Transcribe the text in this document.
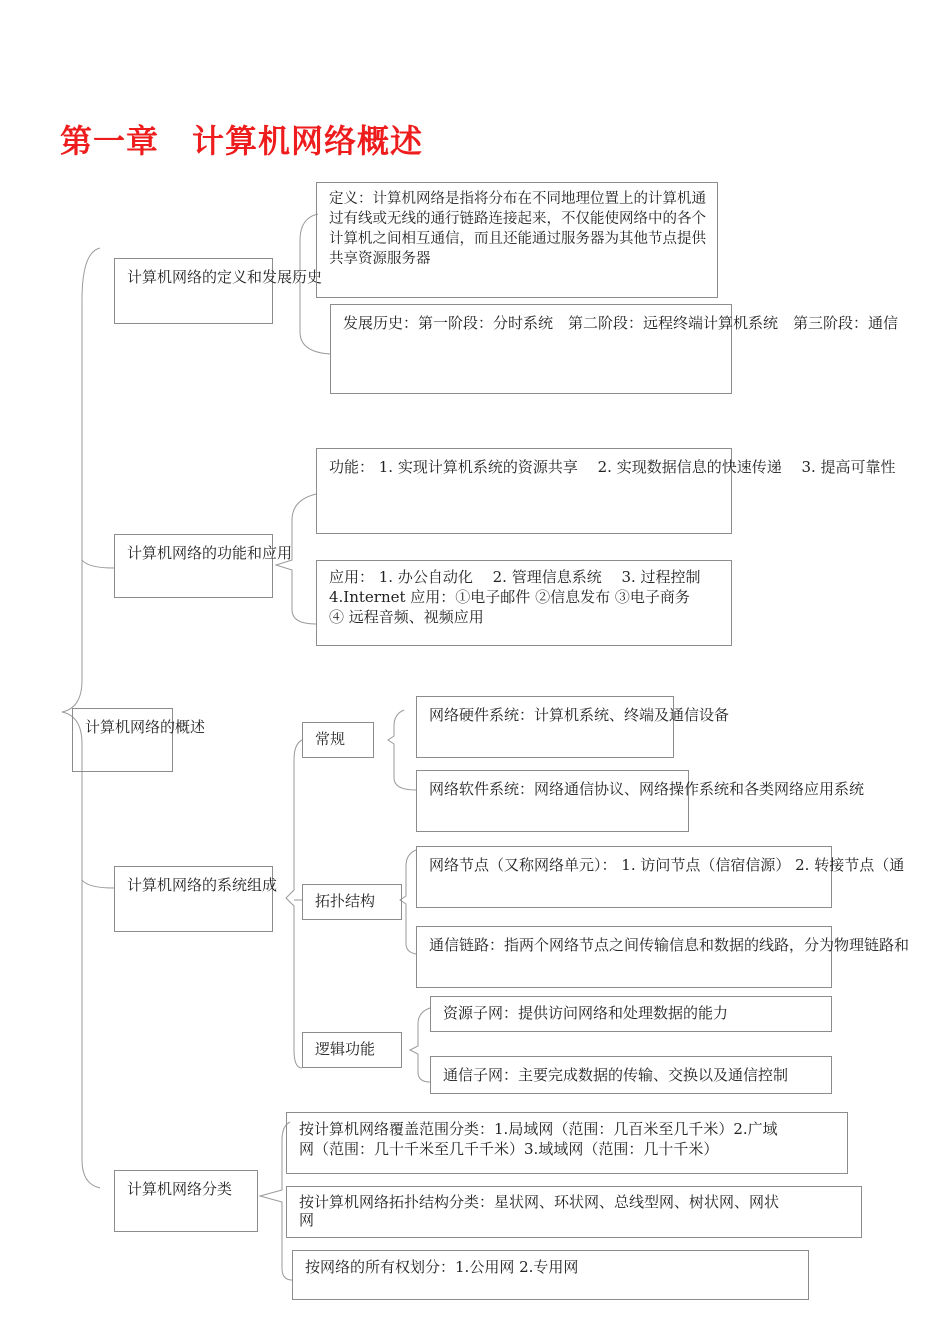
第一章　计算机网络概述
计算机网络的概述
计算机网络的定义和发展历史
定义：计算机网络是指将分布在不同地理位置上的计算机通过有线或无线的通行链路连接起来，不仅能使网络中的各个计算机之间相互通信，而且还能通过服务器为其他节点提供共享资源服务器
发展历史：第一阶段：分时系统　第二阶段：远程终端计算机系统　第三阶段：通信
计算机网络的功能和应用
功能： 1. 实现计算机系统的资源共享　 2. 实现数据信息的快速传递　 3. 提高可靠性
应用： 1. 办公自动化　 2. 管理信息系统　 3. 过程控制
4.Internet 应用：①电子邮件 ②信息发布 ③电子商务
④ 远程音频、视频应用
计算机网络的系统组成
常规
网络硬件系统：计算机系统、终端及通信设备
网络软件系统：网络通信协议、网络操作系统和各类网络应用系统
拓扑结构
网络节点（又称网络单元）： 1. 访问节点（信宿信源） 2. 转接节点（通
通信链路：指两个网络节点之间传输信息和数据的线路，分为物理链路和
逻辑功能
资源子网：提供访问网络和处理数据的能力
通信子网：主要完成数据的传输、交换以及通信控制
计算机网络分类
按计算机网络覆盖范围分类：1.局域网（范围：几百米至几千米）2.广域
网（范围：几十千米至几千千米）3.域域网（范围：几十千米）
按计算机网络拓扑结构分类：星状网、环状网、总线型网、树状网、网状
网
按网络的所有权划分：1.公用网 2.专用网
